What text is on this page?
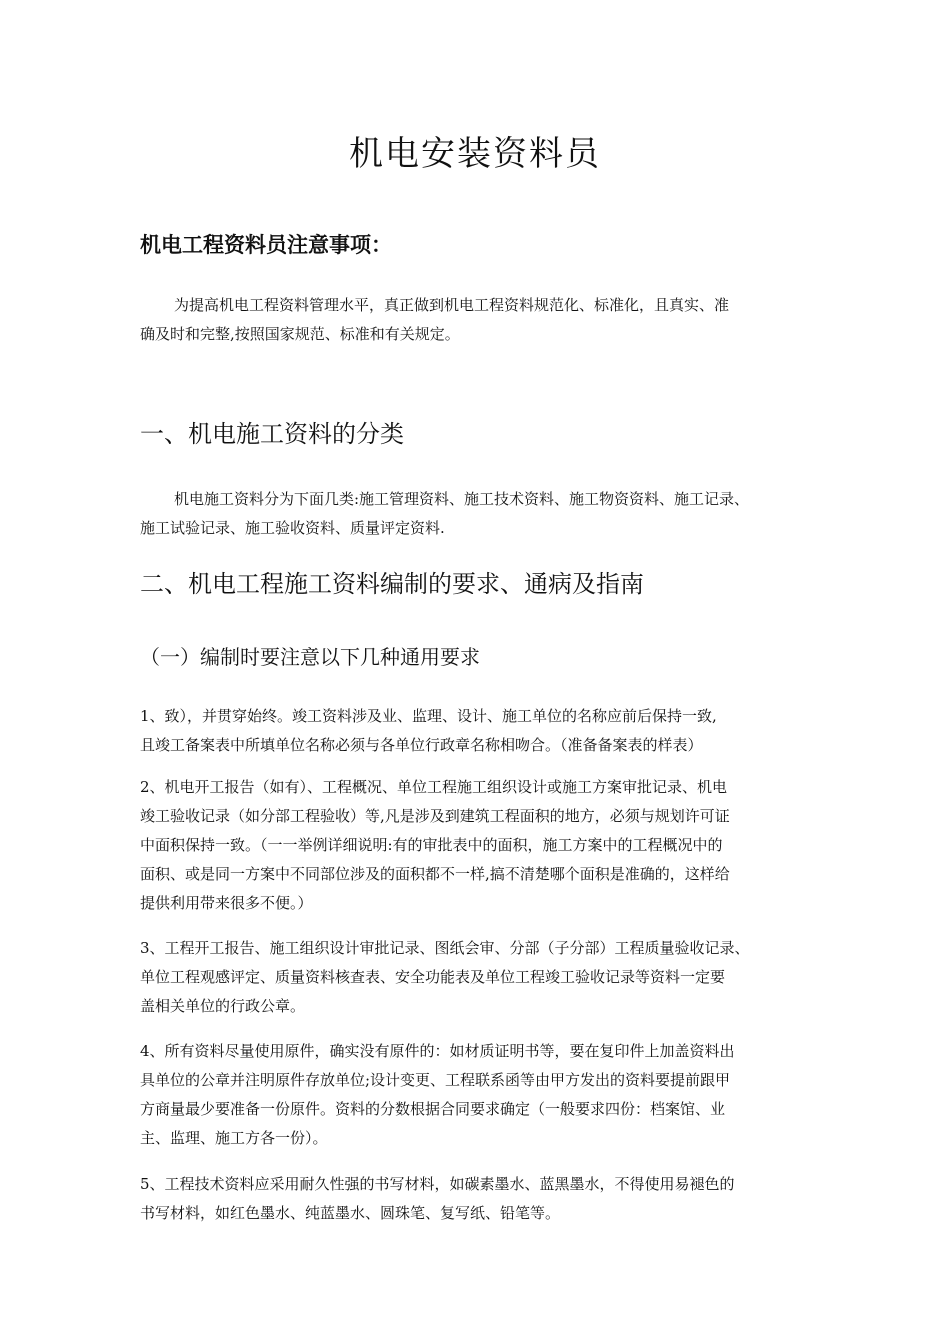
机电安装资料员
机电工程资料员注意事项：

为提高机电工程资料管理水平，真正做到机电工程资料规范化、标准化，且真实、准
确及时和完整,按照国家规范、标准和有关规定。

一、机电施工资料的分类

机电施工资料分为下面几类:施工管理资料、施工技术资料、施工物资资料、施工记录、
施工试验记录、施工验收资料、质量评定资料.

二、机电工程施工资料编制的要求、通病及指南
（一）编制时要注意以下几种通用要求
1、致），并贯穿始终。竣工资料涉及业、监理、设计、施工单位的名称应前后保持一致,
且竣工备案表中所填单位名称必须与各单位行政章名称相吻合。（准备备案表的样表）
2、机电开工报告（如有）、工程概况、单位工程施工组织设计或施工方案审批记录、机电
竣工验收记录（如分部工程验收）等,凡是涉及到建筑工程面积的地方，必须与规划许可证
中面积保持一致。（一一举例详细说明:有的审批表中的面积，施工方案中的工程概况中的
面积、或是同一方案中不同部位涉及的面积都不一样,搞不清楚哪个面积是准确的，这样给
提供利用带来很多不便。）
3、工程开工报告、施工组织设计审批记录、图纸会审、分部（子分部）工程质量验收记录、
单位工程观感评定、质量资料核查表、安全功能表及单位工程竣工验收记录等资料一定要
盖相关单位的行政公章。
4、所有资料尽量使用原件，确实没有原件的：如材质证明书等，要在复印件上加盖资料出
具单位的公章并注明原件存放单位;设计变更、工程联系函等由甲方发出的资料要提前跟甲
方商量最少要准备一份原件。资料的分数根据合同要求确定（一般要求四份：档案馆、业
主、监理、施工方各一份）。
5、工程技术资料应采用耐久性强的书写材料，如碳素墨水、蓝黑墨水，不得使用易褪色的
书写材料，如红色墨水、纯蓝墨水、圆珠笔、复写纸、铅笔等。
